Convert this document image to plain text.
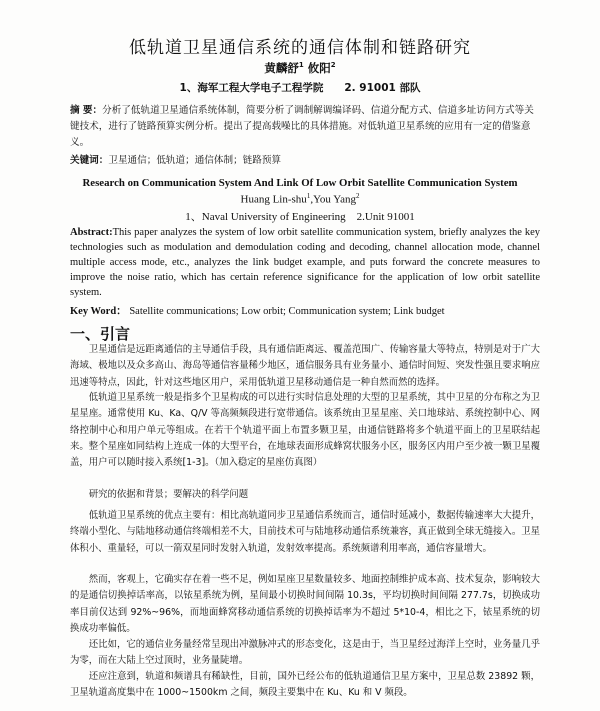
低轨道卫星通信系统的通信体制和链路研究
黄麟舒$^1$ 攸阳$^2$
1、海军工程大学电子工程学院　　2. 91001 部队
摘 要：分析了低轨道卫星通信系统体制，简要分析了调制解调编译码、信道分配方式、信道多址访问方式等关键技术，进行了链路预算实例分析。提出了提高载噪比的具体措施。对低轨道卫星系统的应用有一定的借鉴意义。
关键词：卫星通信；低轨道；通信体制；链路预算
Research on Communication System And Link Of Low Orbit Satellite Communication System
Huang Lin-shu$^1$,You Yang$^2$
1、Naval University of Engineering　2.Unit 91001
Abstract:This paper analyzes the system of low orbit satellite communication system, briefly analyzes the key technologies such as modulation and demodulation coding and decoding, channel allocation mode, channel multiple access mode, etc., analyzes the link budget example, and puts forward the concrete measures to improve the noise ratio, which has certain reference significance for the application of low orbit satellite system.
Key Word： Satellite communications; Low orbit; Communication system; Link budget
一、引言
卫星通信是远距离通信的主导通信手段，具有通信距离远、覆盖范围广、传输容量大等特点，特别是对于广大海域、极地以及众多高山、海岛等通信容量稀少地区，通信服务具有业务量小、通信时间短、突发性强且要求响应迅速等特点，因此，针对这些地区用户，采用低轨道卫星移动通信是一种自然而然的选择。
低轨道卫星系统一般是指多个卫星构成的可以进行实时信息处理的大型的卫星系统，其中卫星的分布称之为卫星星座。通常使用 Ku、Ka、Q/V 等高频频段进行宽带通信。该系统由卫星星座、关口地球站、系统控制中心、网络控制中心和用户单元等组成。在若干个轨道平面上布置多颗卫星，由通信链路将多个轨道平面上的卫星联结起来。整个星座如同结构上连成一体的大型平台，在地球表面形成蜂窝状服务小区，服务区内用户至少被一颗卫星覆盖，用户可以随时接入系统[1-3]。（加入稳定的星座仿真图）
研究的依据和背景；要解决的科学问题
低轨道卫星系统的优点主要有：相比高轨道同步卫星通信系统而言，通信时延减小，数据传输速率大大提升，终端小型化、与陆地移动通信终端相差不大，目前技术可与陆地移动通信系统兼容，真正做到全球无缝接入。卫星体积小、重量轻，可以一箭双星同时发射入轨道，发射效率提高。系统频谱利用率高，通信容量增大。
然而，客观上，它确实存在着一些不足，例如星座卫星数量较多、地面控制维护成本高、技术复杂，影响较大的是通信切换掉话率高，以铱星系统为例，星间最小切换时间间隔 10.3s，平均切换时间间隔 277.7s，切换成功率目前仅达到 92%~96%，而地面蜂窝移动通信系统的切换掉话率为不超过 5*10-4，相比之下，铱星系统的切换成功率偏低。
还比如，它的通信业务量经常呈现出冲激脉冲式的形态变化，这是由于，当卫星经过海洋上空时，业务量几乎为零，而在大陆上空过顶时，业务量陡增。
还应注意到，轨道和频谱具有稀缺性，目前，国外已经公布的低轨道通信卫星方案中，卫星总数 23892 颗，卫星轨道高度集中在 1000~1500km 之间，频段主要集中在 Ku、Ku 和 V 频段。
